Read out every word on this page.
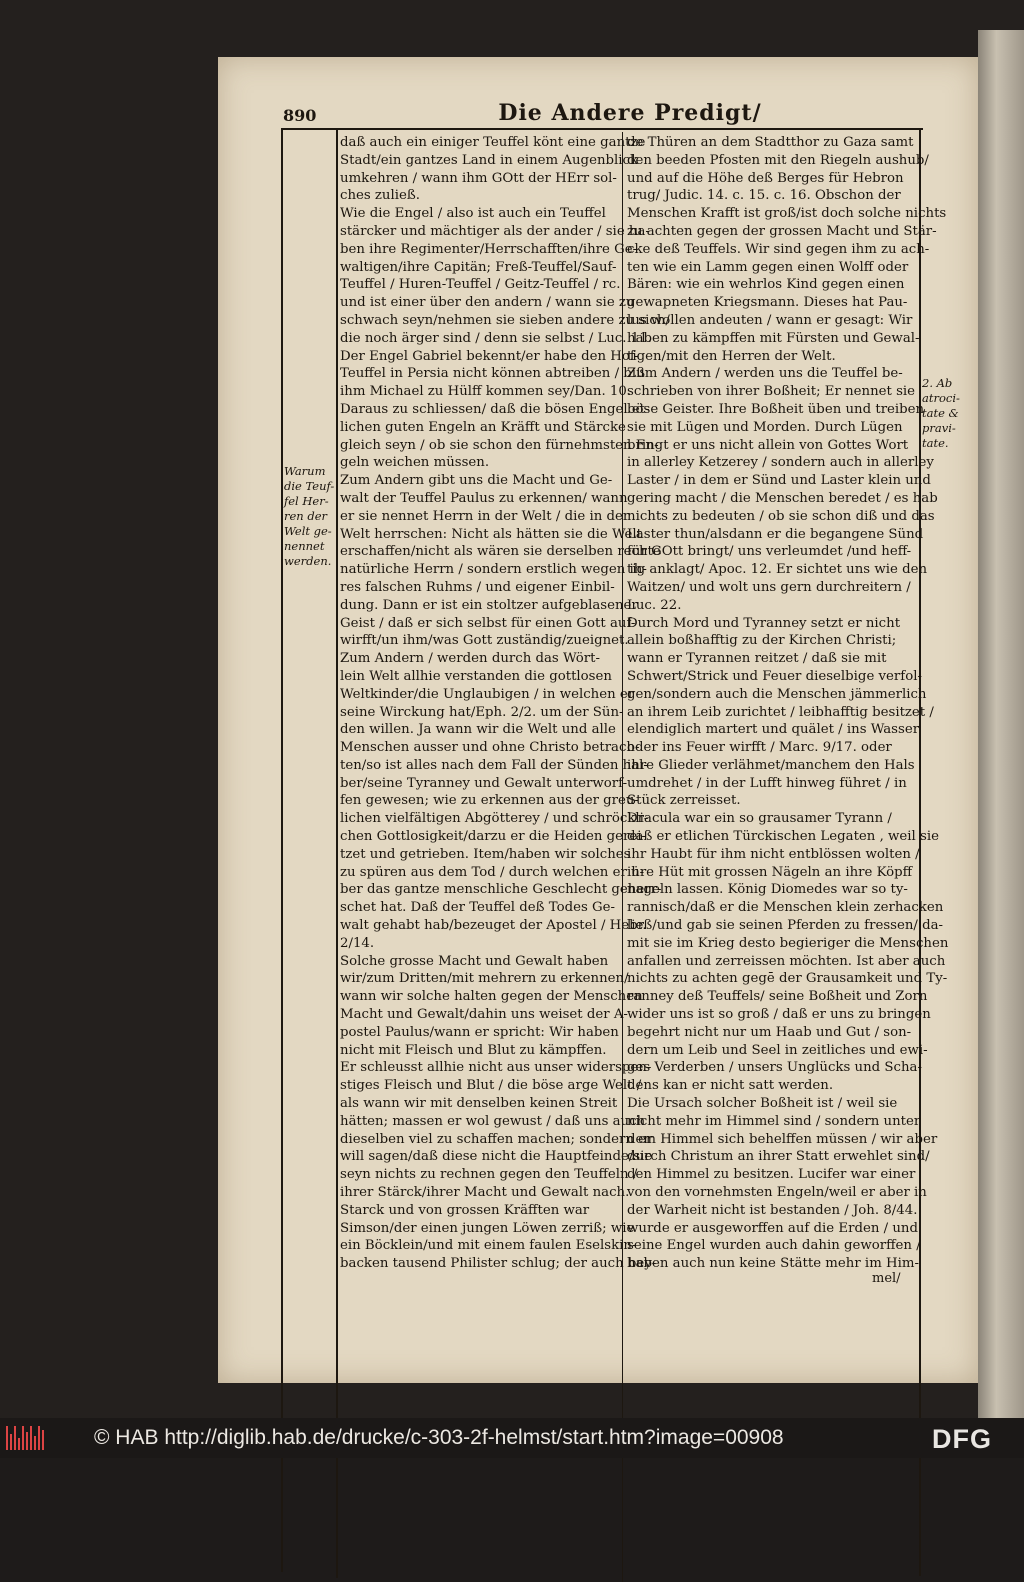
890	Die Andere Predigt/
Warum
die Teuf-
fel Her-
ren der
Welt ge-
nennet
werden.
2. Ab
atroci-
tate &
pravi-
tate.
daß auch ein einiger Teuffel könt eine gantze
Stadt/ein gantzes Land in einem Augenblick
umkehren / wann ihm GOtt der HErr sol-
ches zuließ.
Wie die Engel / also ist auch ein Teuffel
stärcker und mächtiger als der ander / sie ha-
ben ihre Regimenter/Herrschafften/ihre Ge-
waltigen/ihre Capitän; Freß-Teuffel/Sauf-
Teuffel / Huren-Teuffel / Geitz-Teuffel / rc.
und ist einer über den andern / wann sie zu
schwach seyn/nehmen sie sieben andere zu sich/
die noch ärger sind / denn sie selbst / Luc. 11.
Der Engel Gabriel bekennt/er habe den Hof-
Teuffel in Persia nicht können abtreiben / biß
ihm Michael zu Hülff kommen sey/Dan. 10.
Daraus zu schliessen/ daß die bösen Engel et-
lichen guten Engeln an Kräfft und Stärcke
gleich seyn / ob sie schon den fürnehmsten En-
geln weichen müssen.
Zum Andern gibt uns die Macht und Ge-
walt der Teuffel Paulus zu erkennen/ wann
er sie nennet Herrn in der Welt / die in der
Welt herrschen: Nicht als hätten sie die Welt
erschaffen/nicht als wären sie derselben rechte
natürliche Herrn / sondern erstlich wegen ih-
res falschen Ruhms / und eigener Einbil-
dung. Dann er ist ein stoltzer aufgeblasener
Geist / daß er sich selbst für einen Gott auf-
wirfft/un ihm/was Gott zuständig/zueignet.
Zum Andern / werden durch das Wört-
lein Welt allhie verstanden die gottlosen
Weltkinder/die Unglaubigen / in welchen er
seine Wirckung hat/Eph. 2/2. um der Sün-
den willen. Ja wann wir die Welt und alle
Menschen ausser und ohne Christo betrach-
ten/so ist alles nach dem Fall der Sünden hal-
ber/seine Tyranney und Gewalt unterworf-
fen gewesen; wie zu erkennen aus der greu-
lichen vielfältigen Abgötterey / und schröckli-
chen Gottlosigkeit/darzu er die Heiden gerei-
tzet und getrieben. Item/haben wir solches
zu spüren aus dem Tod / durch welchen er ü-
ber das gantze menschliche Geschlecht geherr-
schet hat. Daß der Teuffel deß Todes Ge-
walt gehabt hab/bezeuget der Apostel / Hebr.
2/14.
Solche grosse Macht und Gewalt haben
wir/zum Dritten/mit mehrern zu erkennen/
wann wir solche halten gegen der Menschen
Macht und Gewalt/dahin uns weiset der A-
postel Paulus/wann er spricht: Wir haben
nicht mit Fleisch und Blut zu kämpffen.
Er schleusst allhie nicht aus unser widerspen-
stiges Fleisch und Blut / die böse arge Welt /
als wann wir mit denselben keinen Streit
hätten; massen er wol gewust / daß uns auch
dieselben viel zu schaffen machen; sondern er
will sagen/daß diese nicht die Hauptfeinde/sie
seyn nichts zu rechnen gegen den Teuffeln /
ihrer Stärck/ihrer Macht und Gewalt nach.
Starck und von grossen Kräfften war
Simson/der einen jungen Löwen zerriß; wie
ein Böcklein/und mit einem faulen Eselskin-
backen tausend Philister schlug; der auch bey-
de Thüren an dem Stadtthor zu Gaza samt
den beeden Pfosten mit den Riegeln aushub/
und auf die Höhe deß Berges für Hebron
trug/ Judic. 14. c. 15. c. 16. Obschon der
Menschen Krafft ist groß/ist doch solche nichts
zu achten gegen der grossen Macht und Stär-
cke deß Teuffels. Wir sind gegen ihm zu ach-
ten wie ein Lamm gegen einen Wolff oder
Bären: wie ein wehrlos Kind gegen einen
gewapneten Kriegsmann. Dieses hat Pau-
lus wollen andeuten / wann er gesagt: Wir
haben zu kämpffen mit Fürsten und Gewal-
tigen/mit den Herren der Welt.
Zum Andern / werden uns die Teuffel be-
schrieben von ihrer Boßheit; Er nennet sie
böse Geister. Ihre Boßheit üben und treiben
sie mit Lügen und Morden. Durch Lügen
bringt er uns nicht allein von Gottes Wort
in allerley Ketzerey / sondern auch in allerley
Laster / in dem er Sünd und Laster klein und
gering macht / die Menschen beredet / es hab
nichts zu bedeuten / ob sie schon diß und das
Laster thun/alsdann er die begangene Sünd
für GOtt bringt/ uns verleumdet /und heff-
tig anklagt/ Apoc. 12. Er sichtet uns wie den
Waitzen/ und wolt uns gern durchreitern /
Luc. 22.
Durch Mord und Tyranney setzt er nicht
allein boßhafftig zu der Kirchen Christi;
wann er Tyrannen reitzet / daß sie mit
Schwert/Strick und Feuer dieselbige verfol-
gen/sondern auch die Menschen jämmerlich
an ihrem Leib zurichtet / leibhafftig besitzet /
elendiglich martert und quälet / ins Wasser
oder ins Feuer wirfft / Marc. 9/17. oder
ihre Glieder verlähmet/manchem den Hals
umdrehet / in der Lufft hinweg führet / in
Stück zerreisset.
Dracula war ein so grausamer Tyrann /
daß er etlichen Türckischen Legaten , weil sie
ihr Haubt für ihm nicht entblössen wolten /
ihre Hüt mit grossen Nägeln an ihre Köpff
nageln lassen. König Diomedes war so ty-
rannisch/daß er die Menschen klein zerhacken
ließ/und gab sie seinen Pferden zu fressen/ da-
mit sie im Krieg desto begieriger die Menschen
anfallen und zerreissen möchten. Ist aber auch
nichts zu achten gegē der Grausamkeit und Ty-
ranney deß Teuffels/ seine Boßheit und Zorn
wider uns ist so groß / daß er uns zu bringen
begehrt nicht nur um Haab und Gut / son-
dern um Leib und Seel in zeitliches und ewi-
ges Verderben / unsers Unglücks und Scha-
dens kan er nicht satt werden.
Die Ursach solcher Boßheit ist / weil sie
nicht mehr im Himmel sind / sondern unter
dem Himmel sich behelffen müssen / wir aber
durch Christum an ihrer Statt erwehlet sind/
den Himmel zu besitzen. Lucifer war einer
von den vornehmsten Engeln/weil er aber in
der Warheit nicht ist bestanden / Joh. 8/44.
wurde er ausgeworffen auf die Erden / und
seine Engel wurden auch dahin geworffen /
haben auch nun keine Stätte mehr im Him-
mel/
© HAB http://diglib.hab.de/drucke/c-303-2f-helmst/start.htm?image=00908	DFG
